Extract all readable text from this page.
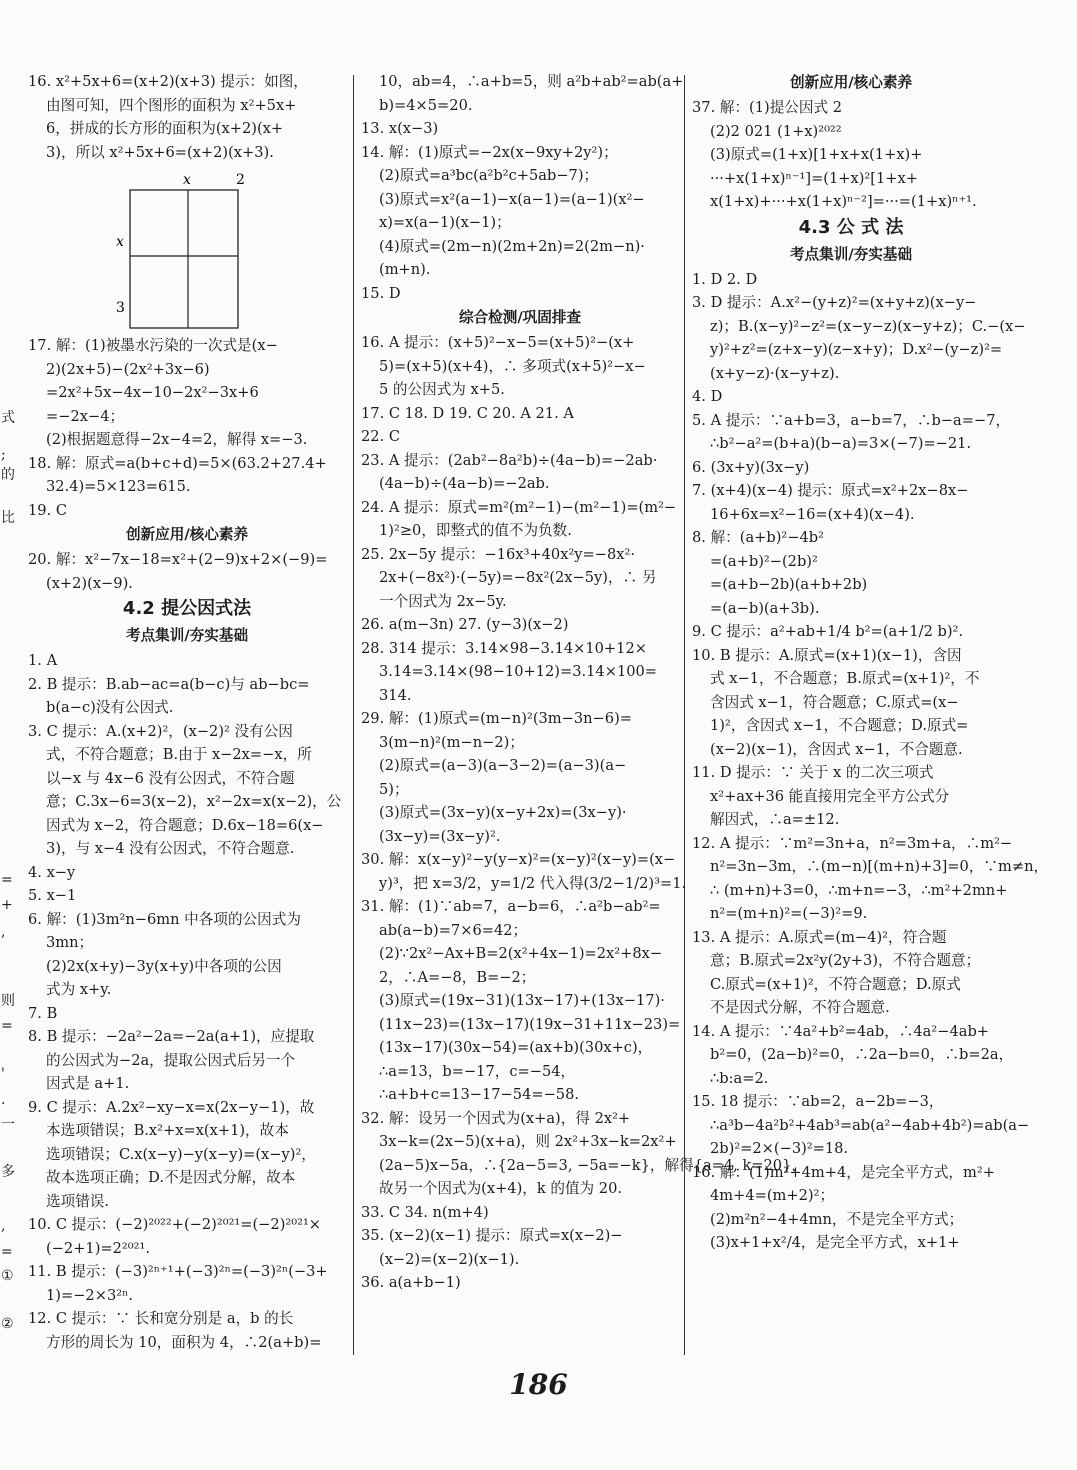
式
;
的
比
=
+
,
则
=
'
.
一
多
,
=
①
②
16. x²+5x+6=(x+2)(x+3) 提示：如图，
由图可知，四个图形的面积为 x²+5x+
6，拼成的长方形的面积为(x+2)(x+
3)，所以 x²+5x+6=(x+2)(x+3).
x	2
x
3
17. 解：(1)被墨水污染的一次式是(x−
2)(2x+5)−(2x²+3x−6)
=2x²+5x−4x−10−2x²−3x+6
=−2x−4；
(2)根据题意得−2x−4=2，解得 x=−3.
18. 解：原式=a(b+c+d)=5×(63.2+27.4+
32.4)=5×123=615.
19. C
创新应用/核心素养
20. 解：x²−7x−18=x²+(2−9)x+2×(−9)=
(x+2)(x−9).
4.2 提公因式法
考点集训/夯实基础
1. A
2. B 提示：B.ab−ac=a(b−c)与 ab−bc=
b(a−c)没有公因式.
3. C 提示：A.(x+2)²，(x−2)² 没有公因
式，不符合题意；B.由于 x−2x=−x，所
以−x 与 4x−6 没有公因式，不符合题
意；C.3x−6=3(x−2)，x²−2x=x(x−2)，公
因式为 x−2，符合题意；D.6x−18=6(x−
3)，与 x−4 没有公因式，不符合题意.
4. x−y
5. x−1
6. 解：(1)3m²n−6mn 中各项的公因式为
3mn；
(2)2x(x+y)−3y(x+y)中各项的公因
式为 x+y.
7. B
8. B 提示：−2a²−2a=−2a(a+1)，应提取
的公因式为−2a，提取公因式后另一个
因式是 a+1.
9. C 提示：A.2x²−xy−x=x(2x−y−1)，故
本选项错误；B.x²+x=x(x+1)，故本
选项错误；C.x(x−y)−y(x−y)=(x−y)²，
故本选项正确；D.不是因式分解，故本
选项错误.
10. C 提示：(−2)²⁰²²+(−2)²⁰²¹=(−2)²⁰²¹×
(−2+1)=2²⁰²¹.
11. B 提示：(−3)²ⁿ⁺¹+(−3)²ⁿ=(−3)²ⁿ(−3+
1)=−2×3²ⁿ.
12. C 提示：∵ 长和宽分别是 a，b 的长
方形的周长为 10，面积为 4，∴2(a+b)=
10，ab=4，∴a+b=5，则 a²b+ab²=ab(a+
b)=4×5=20.
13. x(x−3)
14. 解：(1)原式=−2x(x−9xy+2y²)；
(2)原式=a³bc(a²b²c+5ab−7)；
(3)原式=x²(a−1)−x(a−1)=(a−1)(x²−
x)=x(a−1)(x−1)；
(4)原式=(2m−n)(2m+2n)=2(2m−n)·
(m+n).
15. D
综合检测/巩固排查
16. A 提示：(x+5)²−x−5=(x+5)²−(x+
5)=(x+5)(x+4)，∴ 多项式(x+5)²−x−
5 的公因式为 x+5.
17. C 18. D 19. C 20. A 21. A
22. C
23. A 提示：(2ab²−8a²b)÷(4a−b)=−2ab·
(4a−b)÷(4a−b)=−2ab.
24. A 提示：原式=m²(m²−1)−(m²−1)=(m²−
1)²≥0，即整式的值不为负数.
25. 2x−5y 提示：−16x³+40x²y=−8x²·
2x+(−8x²)·(−5y)=−8x²(2x−5y)，∴ 另
一个因式为 2x−5y.
26. a(m−3n) 27. (y−3)(x−2)
28. 314 提示：3.14×98−3.14×10+12×
3.14=3.14×(98−10+12)=3.14×100=
314.
29. 解：(1)原式=(m−n)²(3m−3n−6)=
3(m−n)²(m−n−2)；
(2)原式=(a−3)(a−3−2)=(a−3)(a−
5)；
(3)原式=(3x−y)(x−y+2x)=(3x−y)·
(3x−y)=(3x−y)².
30. 解：x(x−y)²−y(y−x)²=(x−y)²(x−y)=(x−
y)³，把 x=3/2，y=1/2 代入得(3/2−1/2)³=1.
31. 解：(1)∵ab=7，a−b=6，∴a²b−ab²=
ab(a−b)=7×6=42；
(2)∵2x²−Ax+B=2(x²+4x−1)=2x²+8x−
2，∴A=−8，B=−2；
(3)原式=(19x−31)(13x−17)+(13x−17)·
(11x−23)=(13x−17)(19x−31+11x−23)=
(13x−17)(30x−54)=(ax+b)(30x+c)，
∴a=13，b=−17，c=−54，
∴a+b+c=13−17−54=−58.
32. 解：设另一个因式为(x+a)，得 2x²+
3x−k=(2x−5)(x+a)，则 2x²+3x−k=2x²+
(2a−5)x−5a，∴{2a−5=3, −5a=−k}，解得{a=4, k=20}，
故另一个因式为(x+4)，k 的值为 20.
33. C 34. n(m+4)
35. (x−2)(x−1) 提示：原式=x(x−2)−
(x−2)=(x−2)(x−1).
36. a(a+b−1)
创新应用/核心素养
37. 解：(1)提公因式 2
(2)2 021 (1+x)²⁰²²
(3)原式=(1+x)[1+x+x(1+x)+
···+x(1+x)ⁿ⁻¹]=(1+x)²[1+x+
x(1+x)+···+x(1+x)ⁿ⁻²]=···=(1+x)ⁿ⁺¹.
4.3 公 式 法
考点集训/夯实基础
1. D 2. D
3. D 提示：A.x²−(y+z)²=(x+y+z)(x−y−
z)；B.(x−y)²−z²=(x−y−z)(x−y+z)；C.−(x−
y)²+z²=(z+x−y)(z−x+y)；D.x²−(y−z)²=
(x+y−z)·(x−y+z).
4. D
5. A 提示：∵a+b=3，a−b=7，∴b−a=−7，
∴b²−a²=(b+a)(b−a)=3×(−7)=−21.
6. (3x+y)(3x−y)
7. (x+4)(x−4) 提示：原式=x²+2x−8x−
16+6x=x²−16=(x+4)(x−4).
8. 解：(a+b)²−4b²
=(a+b)²−(2b)²
=(a+b−2b)(a+b+2b)
=(a−b)(a+3b).
9. C 提示：a²+ab+1/4 b²=(a+1/2 b)².
10. B 提示：A.原式=(x+1)(x−1)，含因
式 x−1，不合题意；B.原式=(x+1)²，不
含因式 x−1，符合题意；C.原式=(x−
1)²，含因式 x−1，不合题意；D.原式=
(x−2)(x−1)，含因式 x−1，不合题意.
11. D 提示：∵ 关于 x 的二次三项式
x²+ax+36 能直接用完全平方公式分
解因式，∴a=±12.
12. A 提示：∵m²=3n+a，n²=3m+a，∴m²−
n²=3n−3m，∴(m−n)[(m+n)+3]=0，∵m≠n，
∴ (m+n)+3=0，∴m+n=−3，∴m²+2mn+
n²=(m+n)²=(−3)²=9.
13. A 提示：A.原式=(m−4)²，符合题
意；B.原式=2x²y(2y+3)，不符合题意；
C.原式=(x+1)²，不符合题意；D.原式
不是因式分解，不符合题意.
14. A 提示：∵4a²+b²=4ab，∴4a²−4ab+
b²=0，(2a−b)²=0，∴2a−b=0，∴b=2a，
∴b:a=2.
15. 18 提示：∵ab=2，a−2b=−3，
∴a³b−4a²b²+4ab³=ab(a²−4ab+4b²)=ab(a−
2b)²=2×(−3)²=18.
16. 解：(1)m²+4m+4，是完全平方式，m²+
4m+4=(m+2)²；
(2)m²n²−4+4mn，不是完全平方式；
(3)x+1+x²/4，是完全平方式，x+1+
186
